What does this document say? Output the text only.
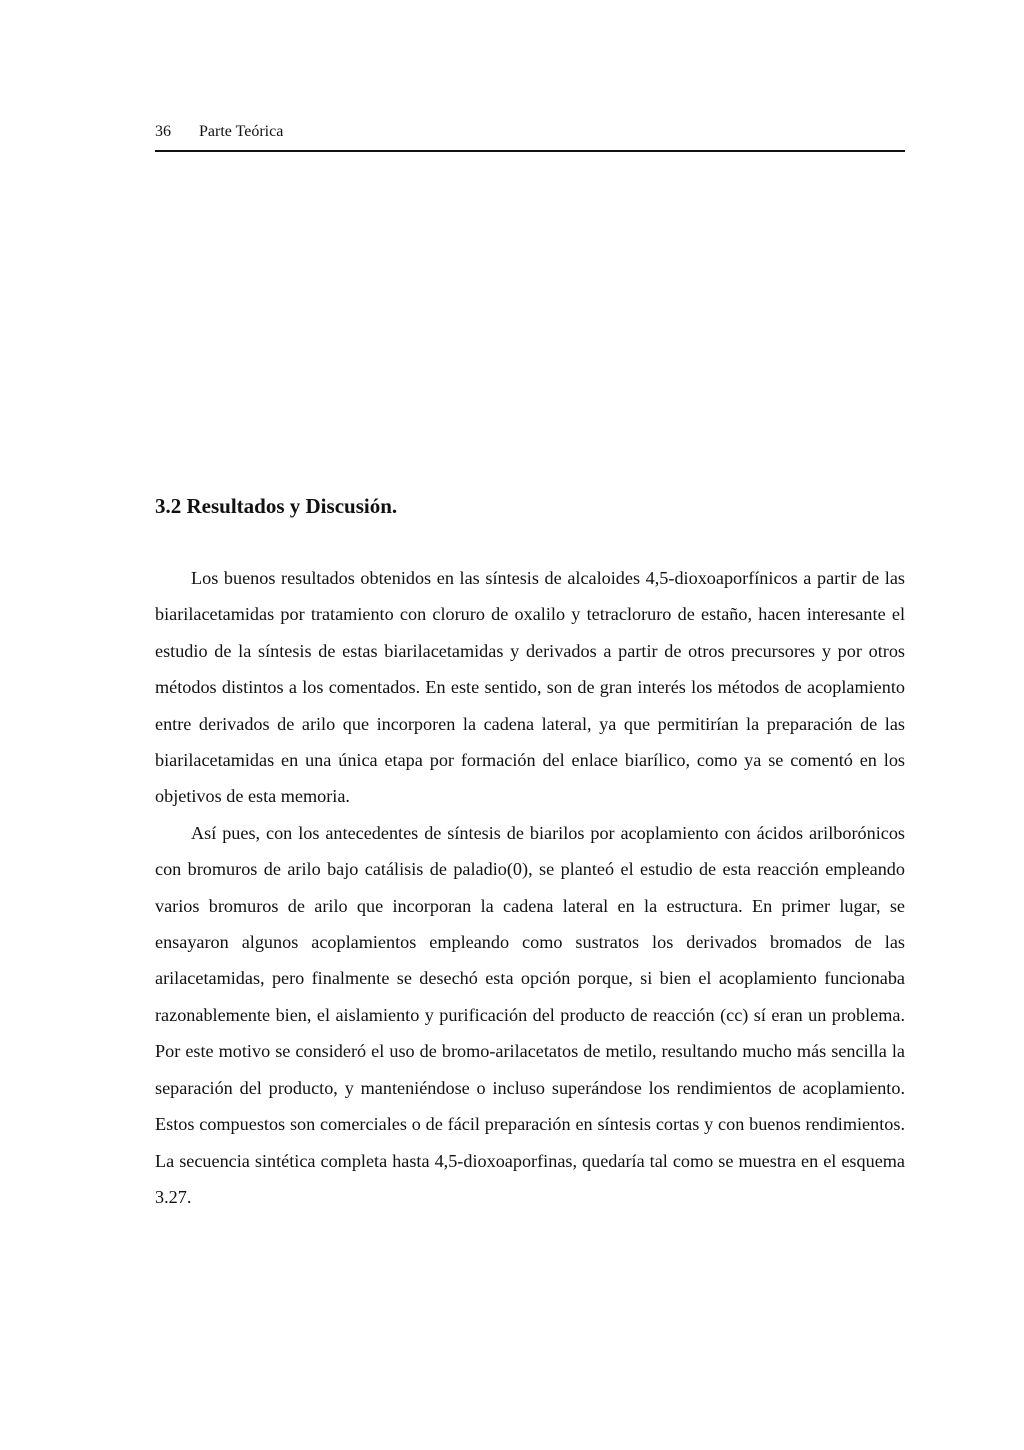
36 Parte Teórica
3.2 Resultados y Discusión.

Los buenos resultados obtenidos en las síntesis de alcaloides 4,5-dioxoaporfínicos a partir de las biarilacetamidas por tratamiento con cloruro de oxalilo y tetracloruro de estaño, hacen interesante el estudio de la síntesis de estas biarilacetamidas y derivados a partir de otros precursores y por otros métodos distintos a los comentados. En este sentido, son de gran interés los métodos de acoplamiento entre derivados de arilo que incorporen la cadena lateral, ya que permitirían la preparación de las biarilacetamidas en una única etapa por formación del enlace biarílico, como ya se comentó en los objetivos de esta memoria.

Así pues, con los antecedentes de síntesis de biarilos por acoplamiento con ácidos arilborónicos con bromuros de arilo bajo catálisis de paladio(0), se planteó el estudio de esta reacción empleando varios bromuros de arilo que incorporan la cadena lateral en la estructura. En primer lugar, se ensayaron algunos acoplamientos empleando como sustratos los derivados bromados de las arilacetamidas, pero finalmente se desechó esta opción porque, si bien el acoplamiento funcionaba razonablemente bien, el aislamiento y purificación del producto de reacción (cc) sí eran un problema. Por este motivo se consideró el uso de bromo-arilacetatos de metilo, resultando mucho más sencilla la separación del producto, y manteniéndose o incluso superándose los rendimientos de acoplamiento. Estos compuestos son comerciales o de fácil preparación en síntesis cortas y con buenos rendimientos. La secuencia sintética completa hasta 4,5-dioxoaporfinas, quedaría tal como se muestra en el esquema 3.27.
